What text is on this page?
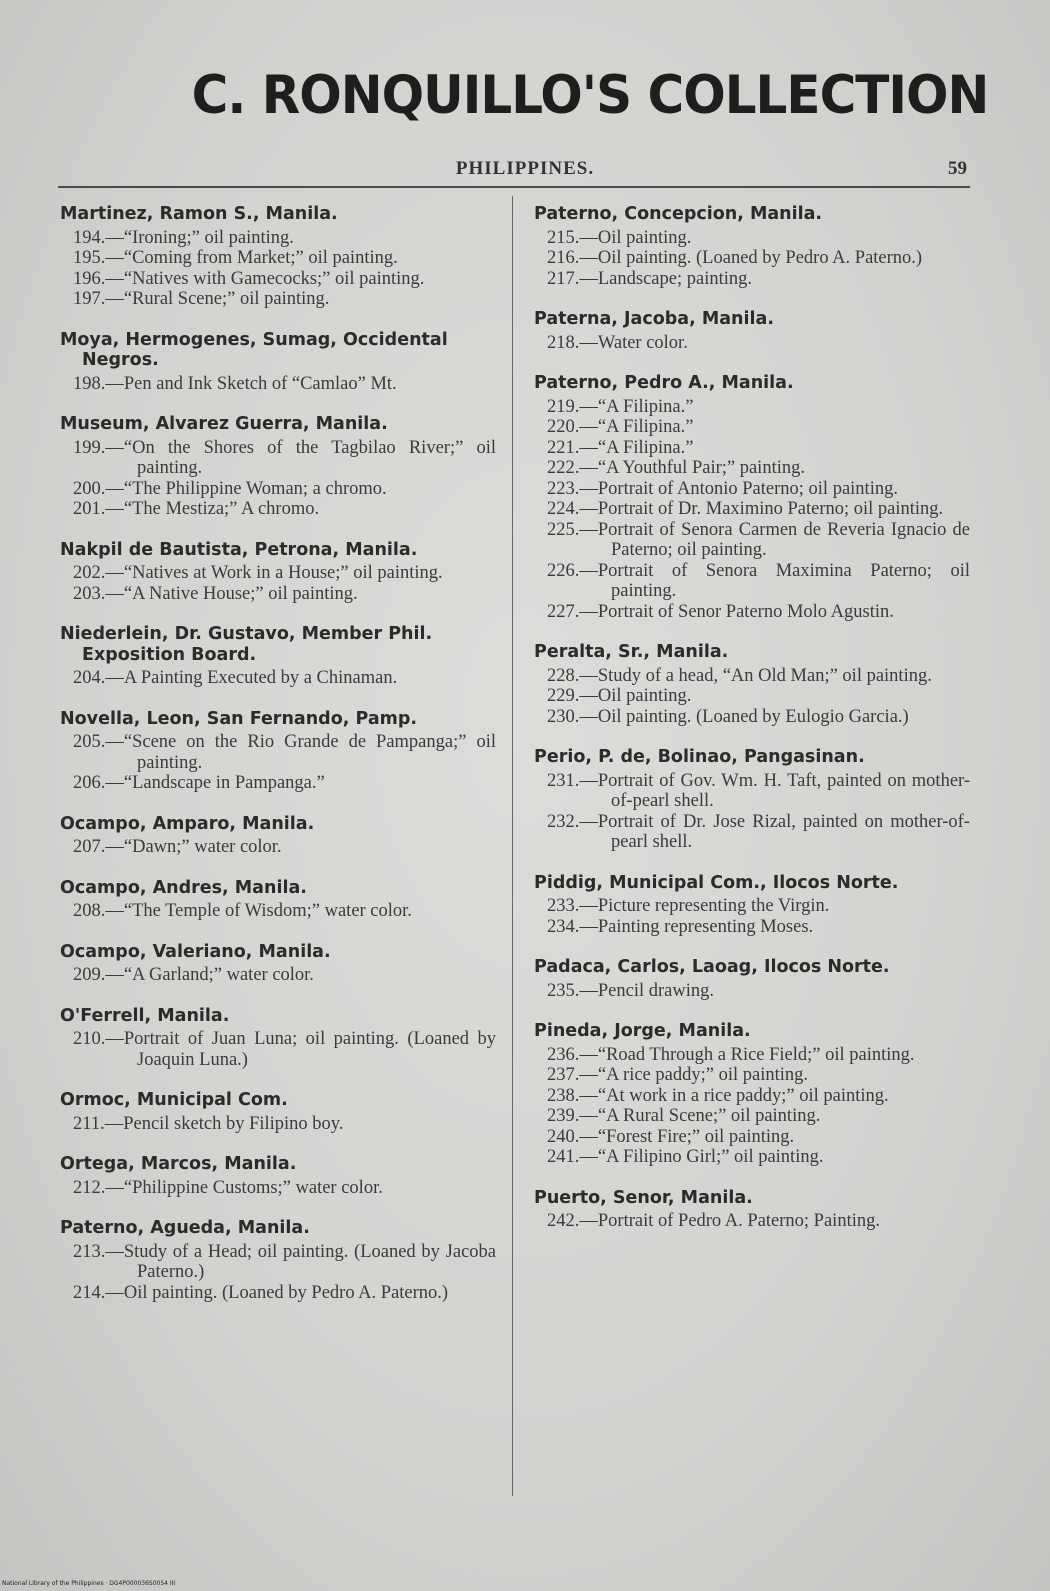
C. RONQUILLO'S COLLECTION
PHILIPPINES.	59
Martinez, Ramon S., Manila.
194.—“Ironing;” oil painting.
195.—“Coming from Market;” oil painting.
196.—“Natives with Gamecocks;” oil painting.
197.—“Rural Scene;” oil painting.
Moya, Hermogenes, Sumag, Occidental Negros.
198.—Pen and Ink Sketch of “Camlao” Mt.
Museum, Alvarez Guerra, Manila.
199.—“On the Shores of the Tagbilao River;” oil painting.
200.—“The Philippine Woman; a chromo.
201.—“The Mestiza;” A chromo.
Nakpil de Bautista, Petrona, Manila.
202.—“Natives at Work in a House;” oil painting.
203.—“A Native House;” oil painting.
Niederlein, Dr. Gustavo, Member Phil. Exposition Board.
204.—A Painting Executed by a Chinaman.
Novella, Leon, San Fernando, Pamp.
205.—“Scene on the Rio Grande de Pampanga;” oil painting.
206.—“Landscape in Pampanga.”
Ocampo, Amparo, Manila.
207.—“Dawn;” water color.
Ocampo, Andres, Manila.
208.—“The Temple of Wisdom;” water color.
Ocampo, Valeriano, Manila.
209.—“A Garland;” water color.
O'Ferrell, Manila.
210.—Portrait of Juan Luna; oil painting. (Loaned by Joaquin Luna.)
Ormoc, Municipal Com.
211.—Pencil sketch by Filipino boy.
Ortega, Marcos, Manila.
212.—“Philippine Customs;” water color.
Paterno, Agueda, Manila.
213.—Study of a Head; oil painting. (Loaned by Jacoba Paterno.)
214.—Oil painting. (Loaned by Pedro A. Paterno.)
Paterno, Concepcion, Manila.
215.—Oil painting.
216.—Oil painting. (Loaned by Pedro A. Paterno.)
217.—Landscape; painting.
Paterna, Jacoba, Manila.
218.—Water color.
Paterno, Pedro A., Manila.
219.—“A Filipina.”
220.—“A Filipina.”
221.—“A Filipina.”
222.—“A Youthful Pair;” painting.
223.—Portrait of Antonio Paterno; oil painting.
224.—Portrait of Dr. Maximino Paterno; oil painting.
225.—Portrait of Senora Carmen de Reveria Ignacio de Paterno; oil painting.
226.—Portrait of Senora Maximina Paterno; oil painting.
227.—Portrait of Senor Paterno Molo Agustin.
Peralta, Sr., Manila.
228.—Study of a head, “An Old Man;” oil painting.
229.—Oil painting.
230.—Oil painting. (Loaned by Eulogio Garcia.)
Perio, P. de, Bolinao, Pangasinan.
231.—Portrait of Gov. Wm. H. Taft, painted on mother-of-pearl shell.
232.—Portrait of Dr. Jose Rizal, painted on mother-of-pearl shell.
Piddig, Municipal Com., Ilocos Norte.
233.—Picture representing the Virgin.
234.—Painting representing Moses.
Padaca, Carlos, Laoag, Ilocos Norte.
235.—Pencil drawing.
Pineda, Jorge, Manila.
236.—“Road Through a Rice Field;” oil painting.
237.—“A rice paddy;” oil painting.
238.—“At work in a rice paddy;” oil painting.
239.—“A Rural Scene;” oil painting.
240.—“Forest Fire;” oil painting.
241.—“A Filipino Girl;” oil painting.
Puerto, Senor, Manila.
242.—Portrait of Pedro A. Paterno; Painting.
National Library of the Philippines · DG4P000036S0054 III
